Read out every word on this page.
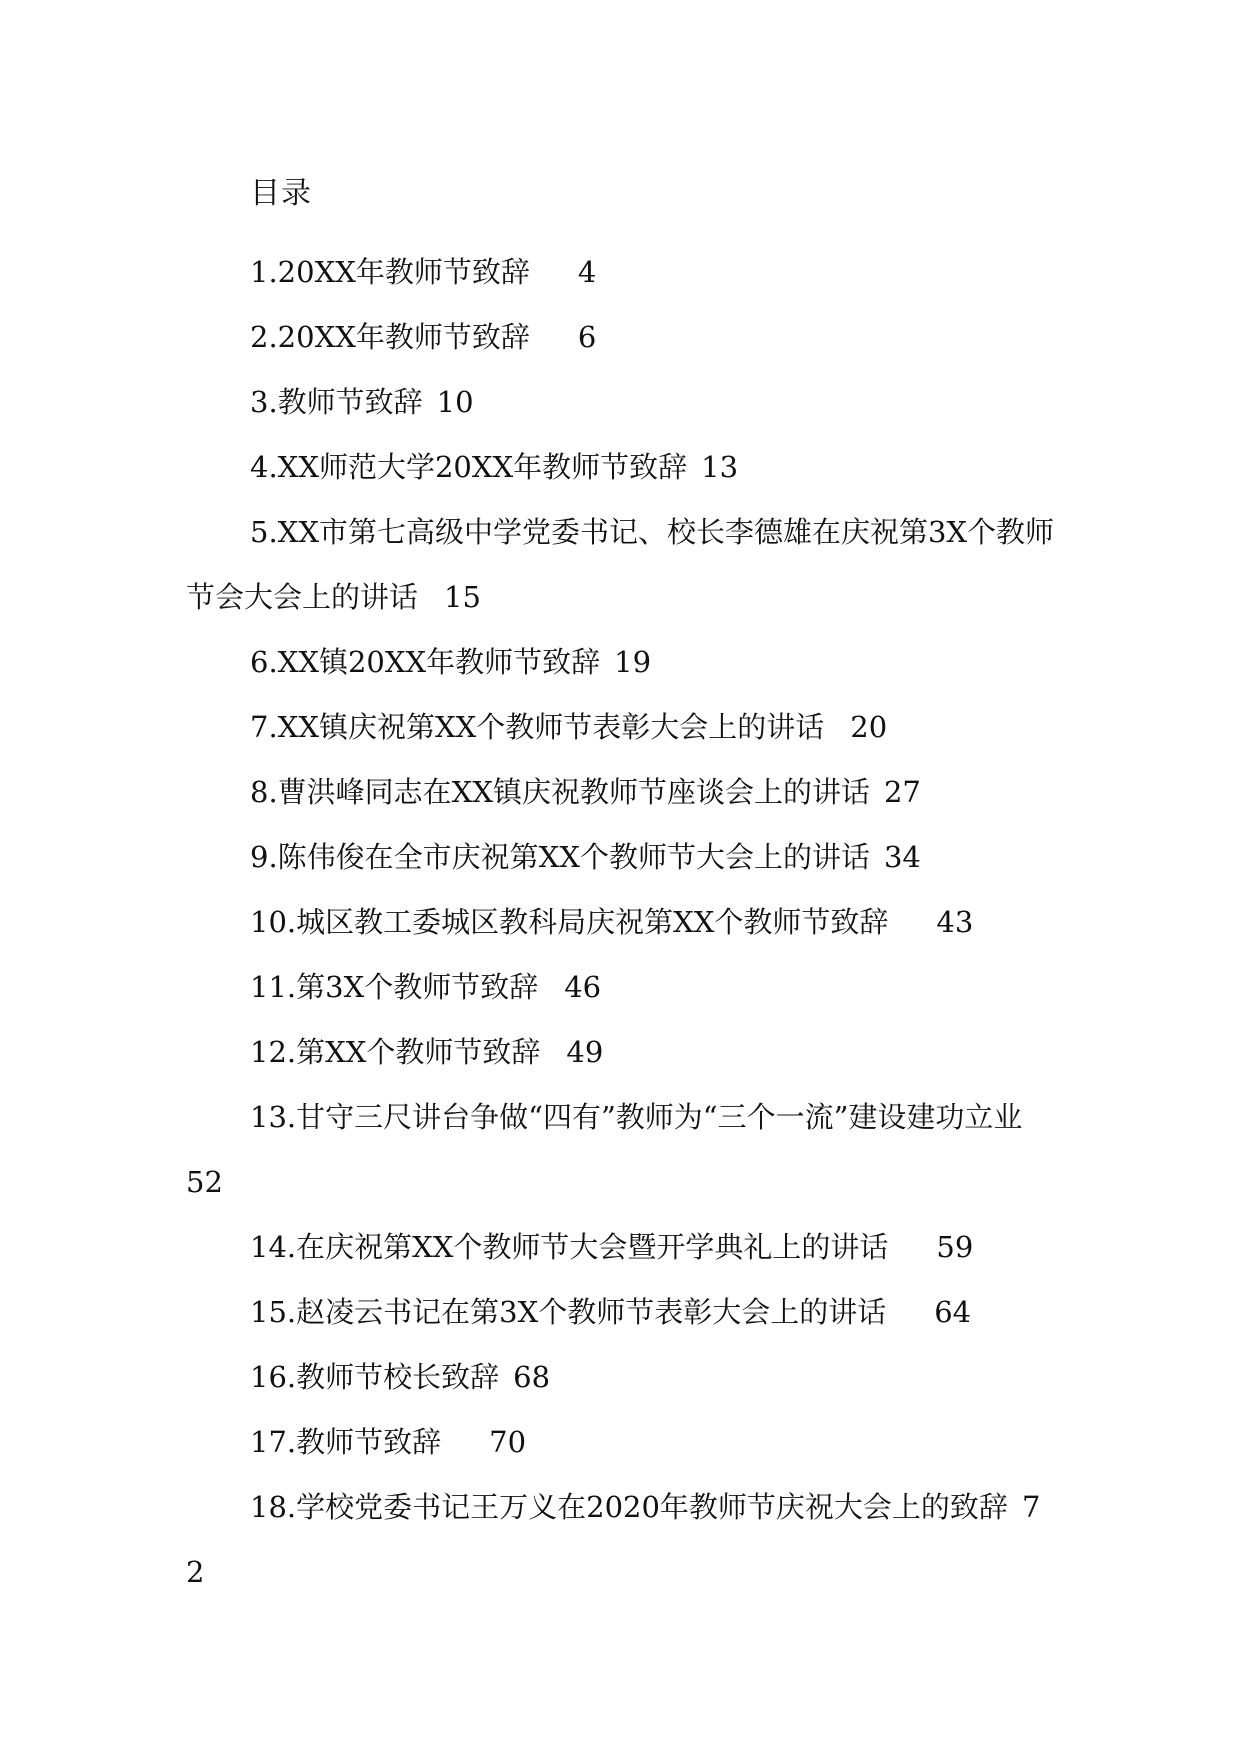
目录
1.20XX年教师节致辞 4
2.20XX年教师节致辞 6
3.教师节致辞 10
4.XX师范大学20XX年教师节致辞 13
5.XX市第七高级中学党委书记、校长李德雄在庆祝第3X个教师节会大会上的讲话 15
6.XX镇20XX年教师节致辞 19
7.XX镇庆祝第XX个教师节表彰大会上的讲话 20
8.曹洪峰同志在XX镇庆祝教师节座谈会上的讲话 27
9.陈伟俊在全市庆祝第XX个教师节大会上的讲话 34
10.城区教工委城区教科局庆祝第XX个教师节致辞 43
11.第3X个教师节致辞 46
12.第XX个教师节致辞 49
13.甘守三尺讲台争做“四有”教师为“三个一流”建设建功立业52
14.在庆祝第XX个教师节大会暨开学典礼上的讲话 59
15.赵凌云书记在第3X个教师节表彰大会上的讲话 64
16.教师节校长致辞 68
17.教师节致辞 70
18.学校党委书记王万义在2020年教师节庆祝大会上的致辞 72
